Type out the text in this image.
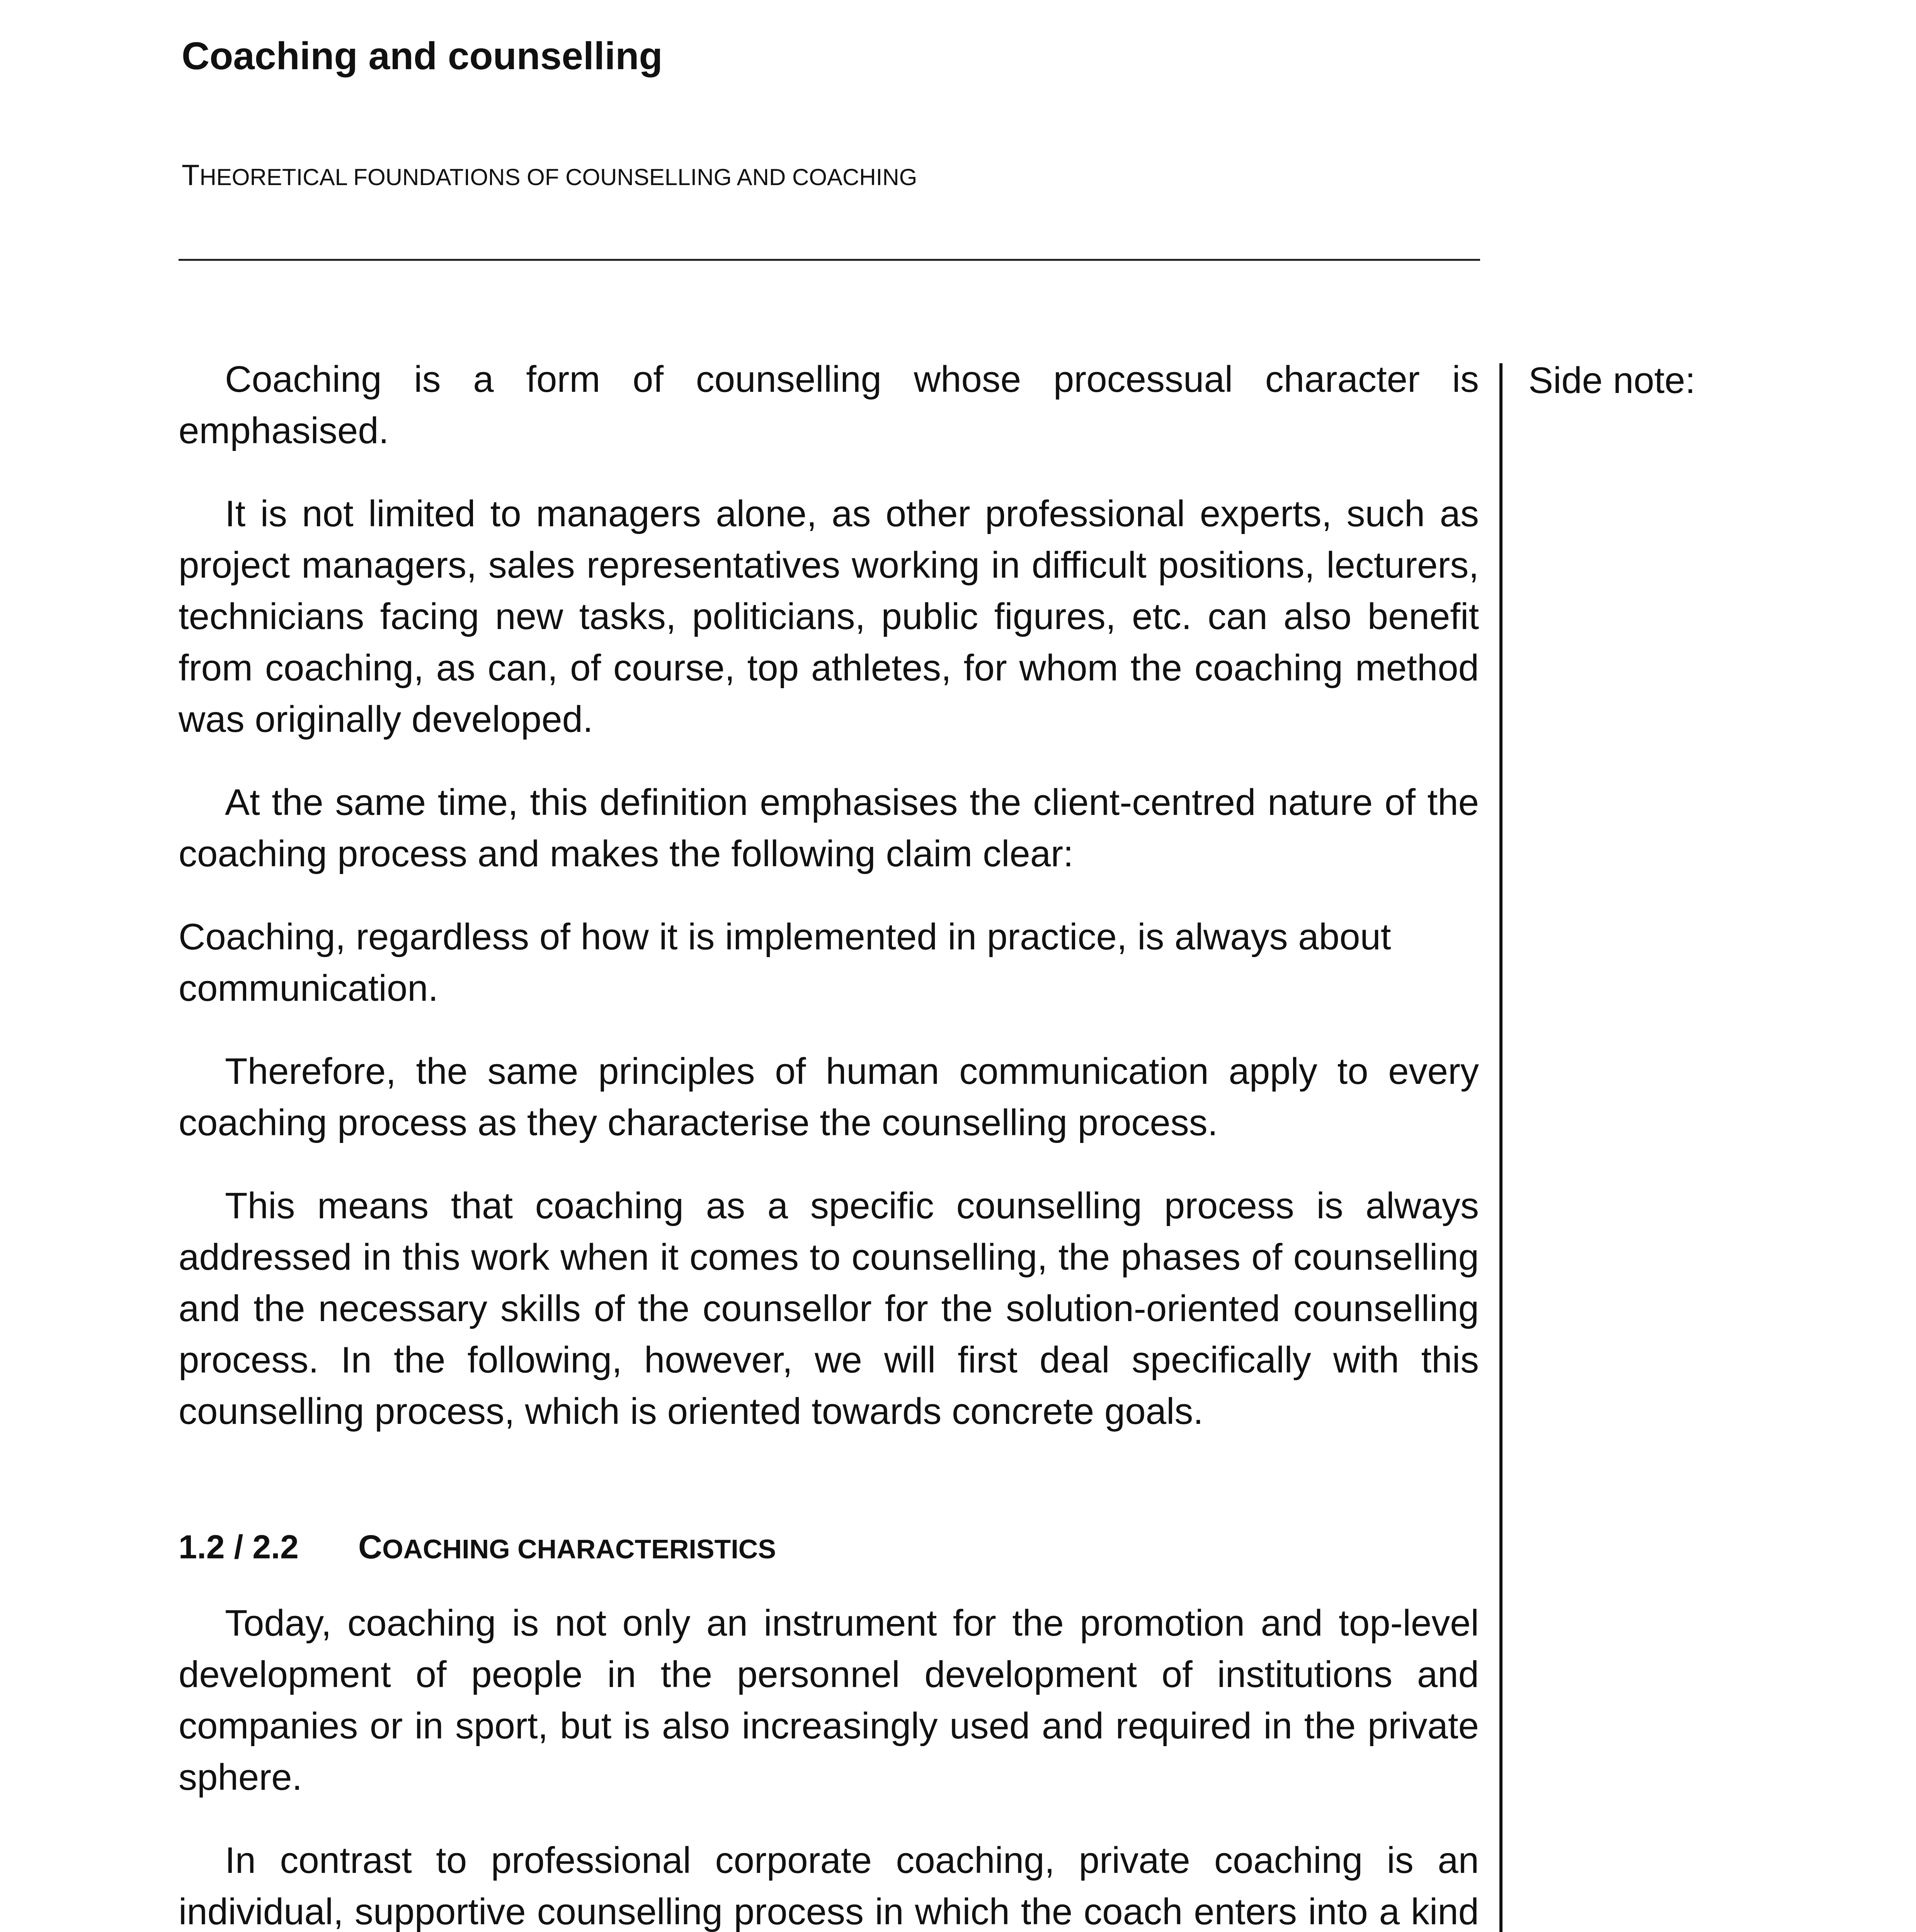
Coaching and counselling
THEORETICAL FOUNDATIONS OF COUNSELLING AND COACHING

Coaching is a form of counselling whose processual character is emphasised.

It is not limited to managers alone, as other professional experts, such as project managers, sales representatives working in difficult positions, lecturers, technicians facing new tasks, politicians, public figures, etc. can also benefit from coaching, as can, of course, top athletes, for whom the coaching method was originally developed.

At the same time, this definition emphasises the client-centred nature of the coaching process and makes the following claim clear:

Coaching, regardless of how it is implemented in practice, is always about communication.

Therefore, the same principles of human communication apply to every coaching process as they characterise the counselling process.

This means that coaching as a specific counselling process is always addressed in this work when it comes to counselling, the phases of counselling and the necessary skills of the counsellor for the solution-oriented counselling process. In the following, however, we will first deal specifically with this counselling process, which is oriented towards concrete goals.

1.2 / 2.2 COACHING CHARACTERISTICS

Today, coaching is not only an instrument for the promotion and top-level development of people in the personnel development of institutions and companies or in sport, but is also increasingly used and required in the private sphere.

In contrast to professional corporate coaching, private coaching is an individual, supportive counselling process in which the coach enters into a kind

Side note:
